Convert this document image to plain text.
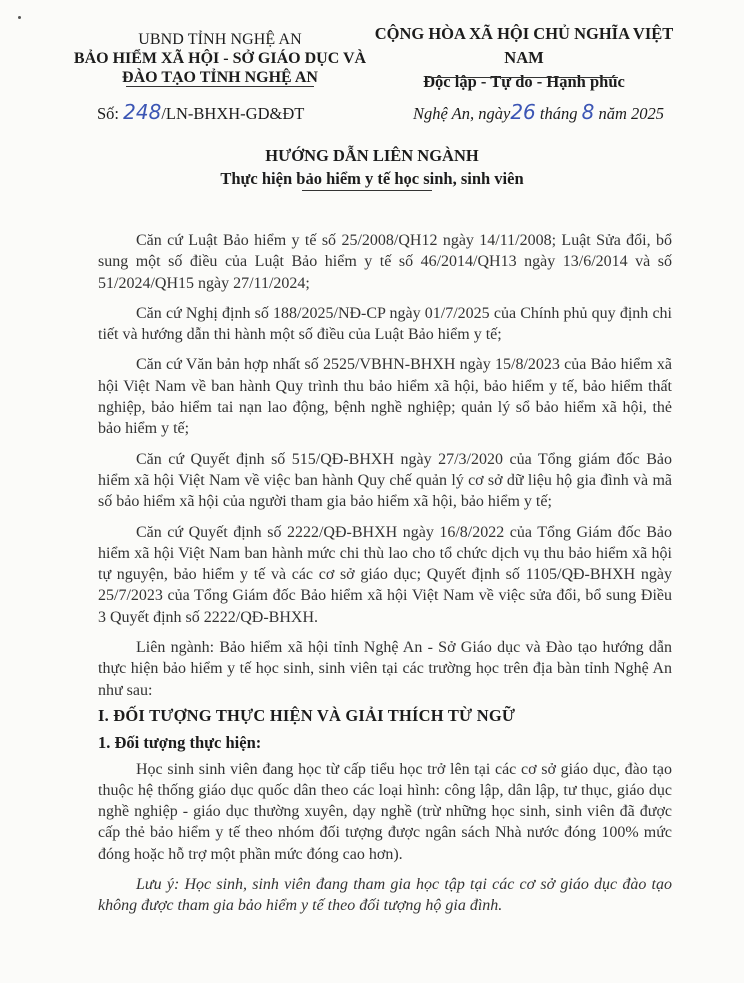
UBND TỈNH NGHỆ AN
BẢO HIỂM XÃ HỘI - SỞ GIÁO DỤC VÀ
ĐÀO TẠO TỈNH NGHỆ AN
CỘNG HÒA XÃ HỘI CHỦ NGHĨA VIỆT NAM
Độc lập - Tự do - Hạnh phúc
Số: 248/LN-BHXH-GD&ĐT	Nghệ An, ngày26 tháng 8 năm 2025
HƯỚNG DẪN LIÊN NGÀNH
Thực hiện bảo hiểm y tế học sinh, sinh viên

Căn cứ Luật Bảo hiểm y tế số 25/2008/QH12 ngày 14/11/2008; Luật Sửa đổi, bổ sung một số điều của Luật Bảo hiểm y tế số 46/2014/QH13 ngày 13/6/2014 và số 51/2024/QH15 ngày 27/11/2024;

Căn cứ Nghị định số 188/2025/NĐ-CP ngày 01/7/2025 của Chính phủ quy định chi tiết và hướng dẫn thi hành một số điều của Luật Bảo hiểm y tế;

Căn cứ Văn bản hợp nhất số 2525/VBHN-BHXH ngày 15/8/2023 của Bảo hiểm xã hội Việt Nam về ban hành Quy trình thu bảo hiểm xã hội, bảo hiểm y tế, bảo hiểm thất nghiệp, bảo hiểm tai nạn lao động, bệnh nghề nghiệp; quản lý sổ bảo hiểm xã hội, thẻ bảo hiểm y tế;

Căn cứ Quyết định số 515/QĐ-BHXH ngày 27/3/2020 của Tổng giám đốc Bảo hiểm xã hội Việt Nam về việc ban hành Quy chế quản lý cơ sở dữ liệu hộ gia đình và mã số bảo hiểm xã hội của người tham gia bảo hiểm xã hội, bảo hiểm y tế;

Căn cứ Quyết định số 2222/QĐ-BHXH ngày 16/8/2022 của Tổng Giám đốc Bảo hiểm xã hội Việt Nam ban hành mức chi thù lao cho tổ chức dịch vụ thu bảo hiểm xã hội tự nguyện, bảo hiểm y tế và các cơ sở giáo dục; Quyết định số 1105/QĐ-BHXH ngày 25/7/2023 của Tổng Giám đốc Bảo hiểm xã hội Việt Nam về việc sửa đổi, bổ sung Điều 3 Quyết định số 2222/QĐ-BHXH.

Liên ngành: Bảo hiểm xã hội tỉnh Nghệ An - Sở Giáo dục và Đào tạo hướng dẫn thực hiện bảo hiểm y tế học sinh, sinh viên tại các trường học trên địa bàn tỉnh Nghệ An như sau:

I. ĐỐI TƯỢNG THỰC HIỆN VÀ GIẢI THÍCH TỪ NGỮ
1. Đối tượng thực hiện:

Học sinh sinh viên đang học từ cấp tiểu học trở lên tại các cơ sở giáo dục, đào tạo thuộc hệ thống giáo dục quốc dân theo các loại hình: công lập, dân lập, tư thục, giáo dục nghề nghiệp - giáo dục thường xuyên, dạy nghề (trừ những học sinh, sinh viên đã được cấp thẻ bảo hiểm y tế theo nhóm đối tượng được ngân sách Nhà nước đóng 100% mức đóng hoặc hỗ trợ một phần mức đóng cao hơn).

Lưu ý: Học sinh, sinh viên đang tham gia học tập tại các cơ sở giáo dục đào tạo không được tham gia bảo hiểm y tế theo đối tượng hộ gia đình.
